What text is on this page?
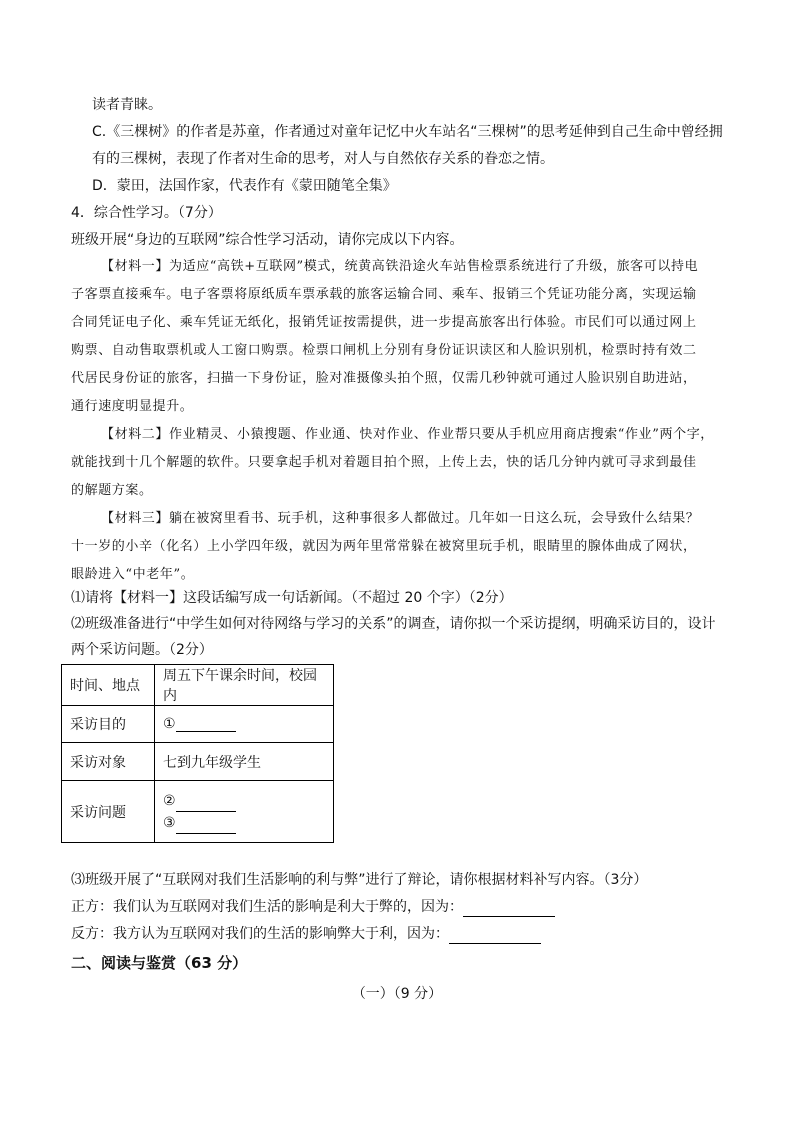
读者青睐。
C.《三棵树》的作者是苏童，作者通过对童年记忆中火车站名“三棵树”的思考延伸到自己生命中曾经拥
有的三棵树，表现了作者对生命的思考，对人与自然依存关系的眷恋之情。
D．蒙田，法国作家，代表作有《蒙田随笔全集》
4．综合性学习。（7分）
班级开展“身边的互联网”综合性学习活动，请你完成以下内容。
【材料一】为适应“高铁+互联网”模式，统黄高铁沿途火车站售检票系统进行了升级，旅客可以持电
子客票直接乘车。电子客票将原纸质车票承载的旅客运输合同、乘车、报销三个凭证功能分离，实现运输
合同凭证电子化、乘车凭证无纸化，报销凭证按需提供，进一步提高旅客出行体验。市民们可以通过网上
购票、自动售取票机或人工窗口购票。检票口闸机上分别有身份证识读区和人脸识别机，检票时持有效二
代居民身份证的旅客，扫描一下身份证，脸对准摄像头拍个照，仅需几秒钟就可通过人脸识别自助进站，
通行速度明显提升。
【材料二】作业精灵、小猿搜题、作业通、快对作业、作业帮只要从手机应用商店搜索“作业”两个字，
就能找到十几个解题的软件。只要拿起手机对着题目拍个照，上传上去，快的话几分钟内就可寻求到最佳
的解题方案。
【材料三】躺在被窝里看书、玩手机，这种事很多人都做过。几年如一日这么玩，会导致什么结果？
十一岁的小辛（化名）上小学四年级，就因为两年里常常躲在被窝里玩手机，眼睛里的腺体曲成了网状，
眼龄进入“中老年”。
⑴请将【材料一】这段话编写成一句话新闻。（不超过 20 个字）（2分）
⑵班级准备进行“中学生如何对待网络与学习的关系”的调查，请你拟一个采访提纲，明确采访目的，设计
两个采访问题。（2分）
时间、地点	周五下午课余时间，校园内
采访目的	①
采访对象	七到九年级学生
采访问题	②
③
⑶班级开展了“互联网对我们生活影响的利与弊”进行了辩论，请你根据材料补写内容。（3分）
正方：我们认为互联网对我们生活的影响是利大于弊的，因为：
反方：我方认为互联网对我们的生活的影响弊大于利，因为：
二、阅读与鉴赏（63 分）
（一）（9 分）
